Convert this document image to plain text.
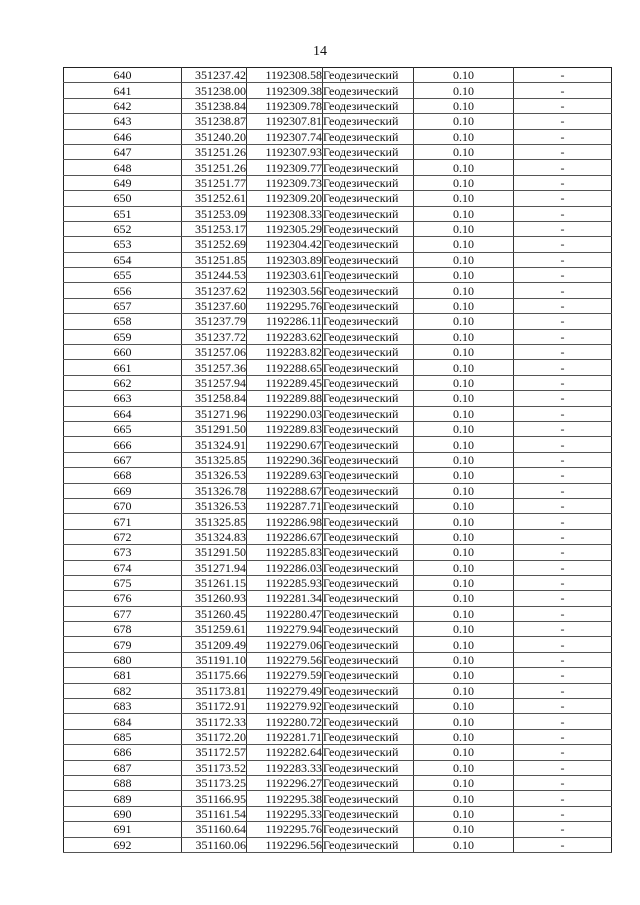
14
640	351237.42	1192308.58	Геодезический	0.10	-
641	351238.00	1192309.38	Геодезический	0.10	-
642	351238.84	1192309.78	Геодезический	0.10	-
643	351238.87	1192307.81	Геодезический	0.10	-
646	351240.20	1192307.74	Геодезический	0.10	-
647	351251.26	1192307.93	Геодезический	0.10	-
648	351251.26	1192309.77	Геодезический	0.10	-
649	351251.77	1192309.73	Геодезический	0.10	-
650	351252.61	1192309.20	Геодезический	0.10	-
651	351253.09	1192308.33	Геодезический	0.10	-
652	351253.17	1192305.29	Геодезический	0.10	-
653	351252.69	1192304.42	Геодезический	0.10	-
654	351251.85	1192303.89	Геодезический	0.10	-
655	351244.53	1192303.61	Геодезический	0.10	-
656	351237.62	1192303.56	Геодезический	0.10	-
657	351237.60	1192295.76	Геодезический	0.10	-
658	351237.79	1192286.11	Геодезический	0.10	-
659	351237.72	1192283.62	Геодезический	0.10	-
660	351257.06	1192283.82	Геодезический	0.10	-
661	351257.36	1192288.65	Геодезический	0.10	-
662	351257.94	1192289.45	Геодезический	0.10	-
663	351258.84	1192289.88	Геодезический	0.10	-
664	351271.96	1192290.03	Геодезический	0.10	-
665	351291.50	1192289.83	Геодезический	0.10	-
666	351324.91	1192290.67	Геодезический	0.10	-
667	351325.85	1192290.36	Геодезический	0.10	-
668	351326.53	1192289.63	Геодезический	0.10	-
669	351326.78	1192288.67	Геодезический	0.10	-
670	351326.53	1192287.71	Геодезический	0.10	-
671	351325.85	1192286.98	Геодезический	0.10	-
672	351324.83	1192286.67	Геодезический	0.10	-
673	351291.50	1192285.83	Геодезический	0.10	-
674	351271.94	1192286.03	Геодезический	0.10	-
675	351261.15	1192285.93	Геодезический	0.10	-
676	351260.93	1192281.34	Геодезический	0.10	-
677	351260.45	1192280.47	Геодезический	0.10	-
678	351259.61	1192279.94	Геодезический	0.10	-
679	351209.49	1192279.06	Геодезический	0.10	-
680	351191.10	1192279.56	Геодезический	0.10	-
681	351175.66	1192279.59	Геодезический	0.10	-
682	351173.81	1192279.49	Геодезический	0.10	-
683	351172.91	1192279.92	Геодезический	0.10	-
684	351172.33	1192280.72	Геодезический	0.10	-
685	351172.20	1192281.71	Геодезический	0.10	-
686	351172.57	1192282.64	Геодезический	0.10	-
687	351173.52	1192283.33	Геодезический	0.10	-
688	351173.25	1192296.27	Геодезический	0.10	-
689	351166.95	1192295.38	Геодезический	0.10	-
690	351161.54	1192295.33	Геодезический	0.10	-
691	351160.64	1192295.76	Геодезический	0.10	-
692	351160.06	1192296.56	Геодезический	0.10	-
